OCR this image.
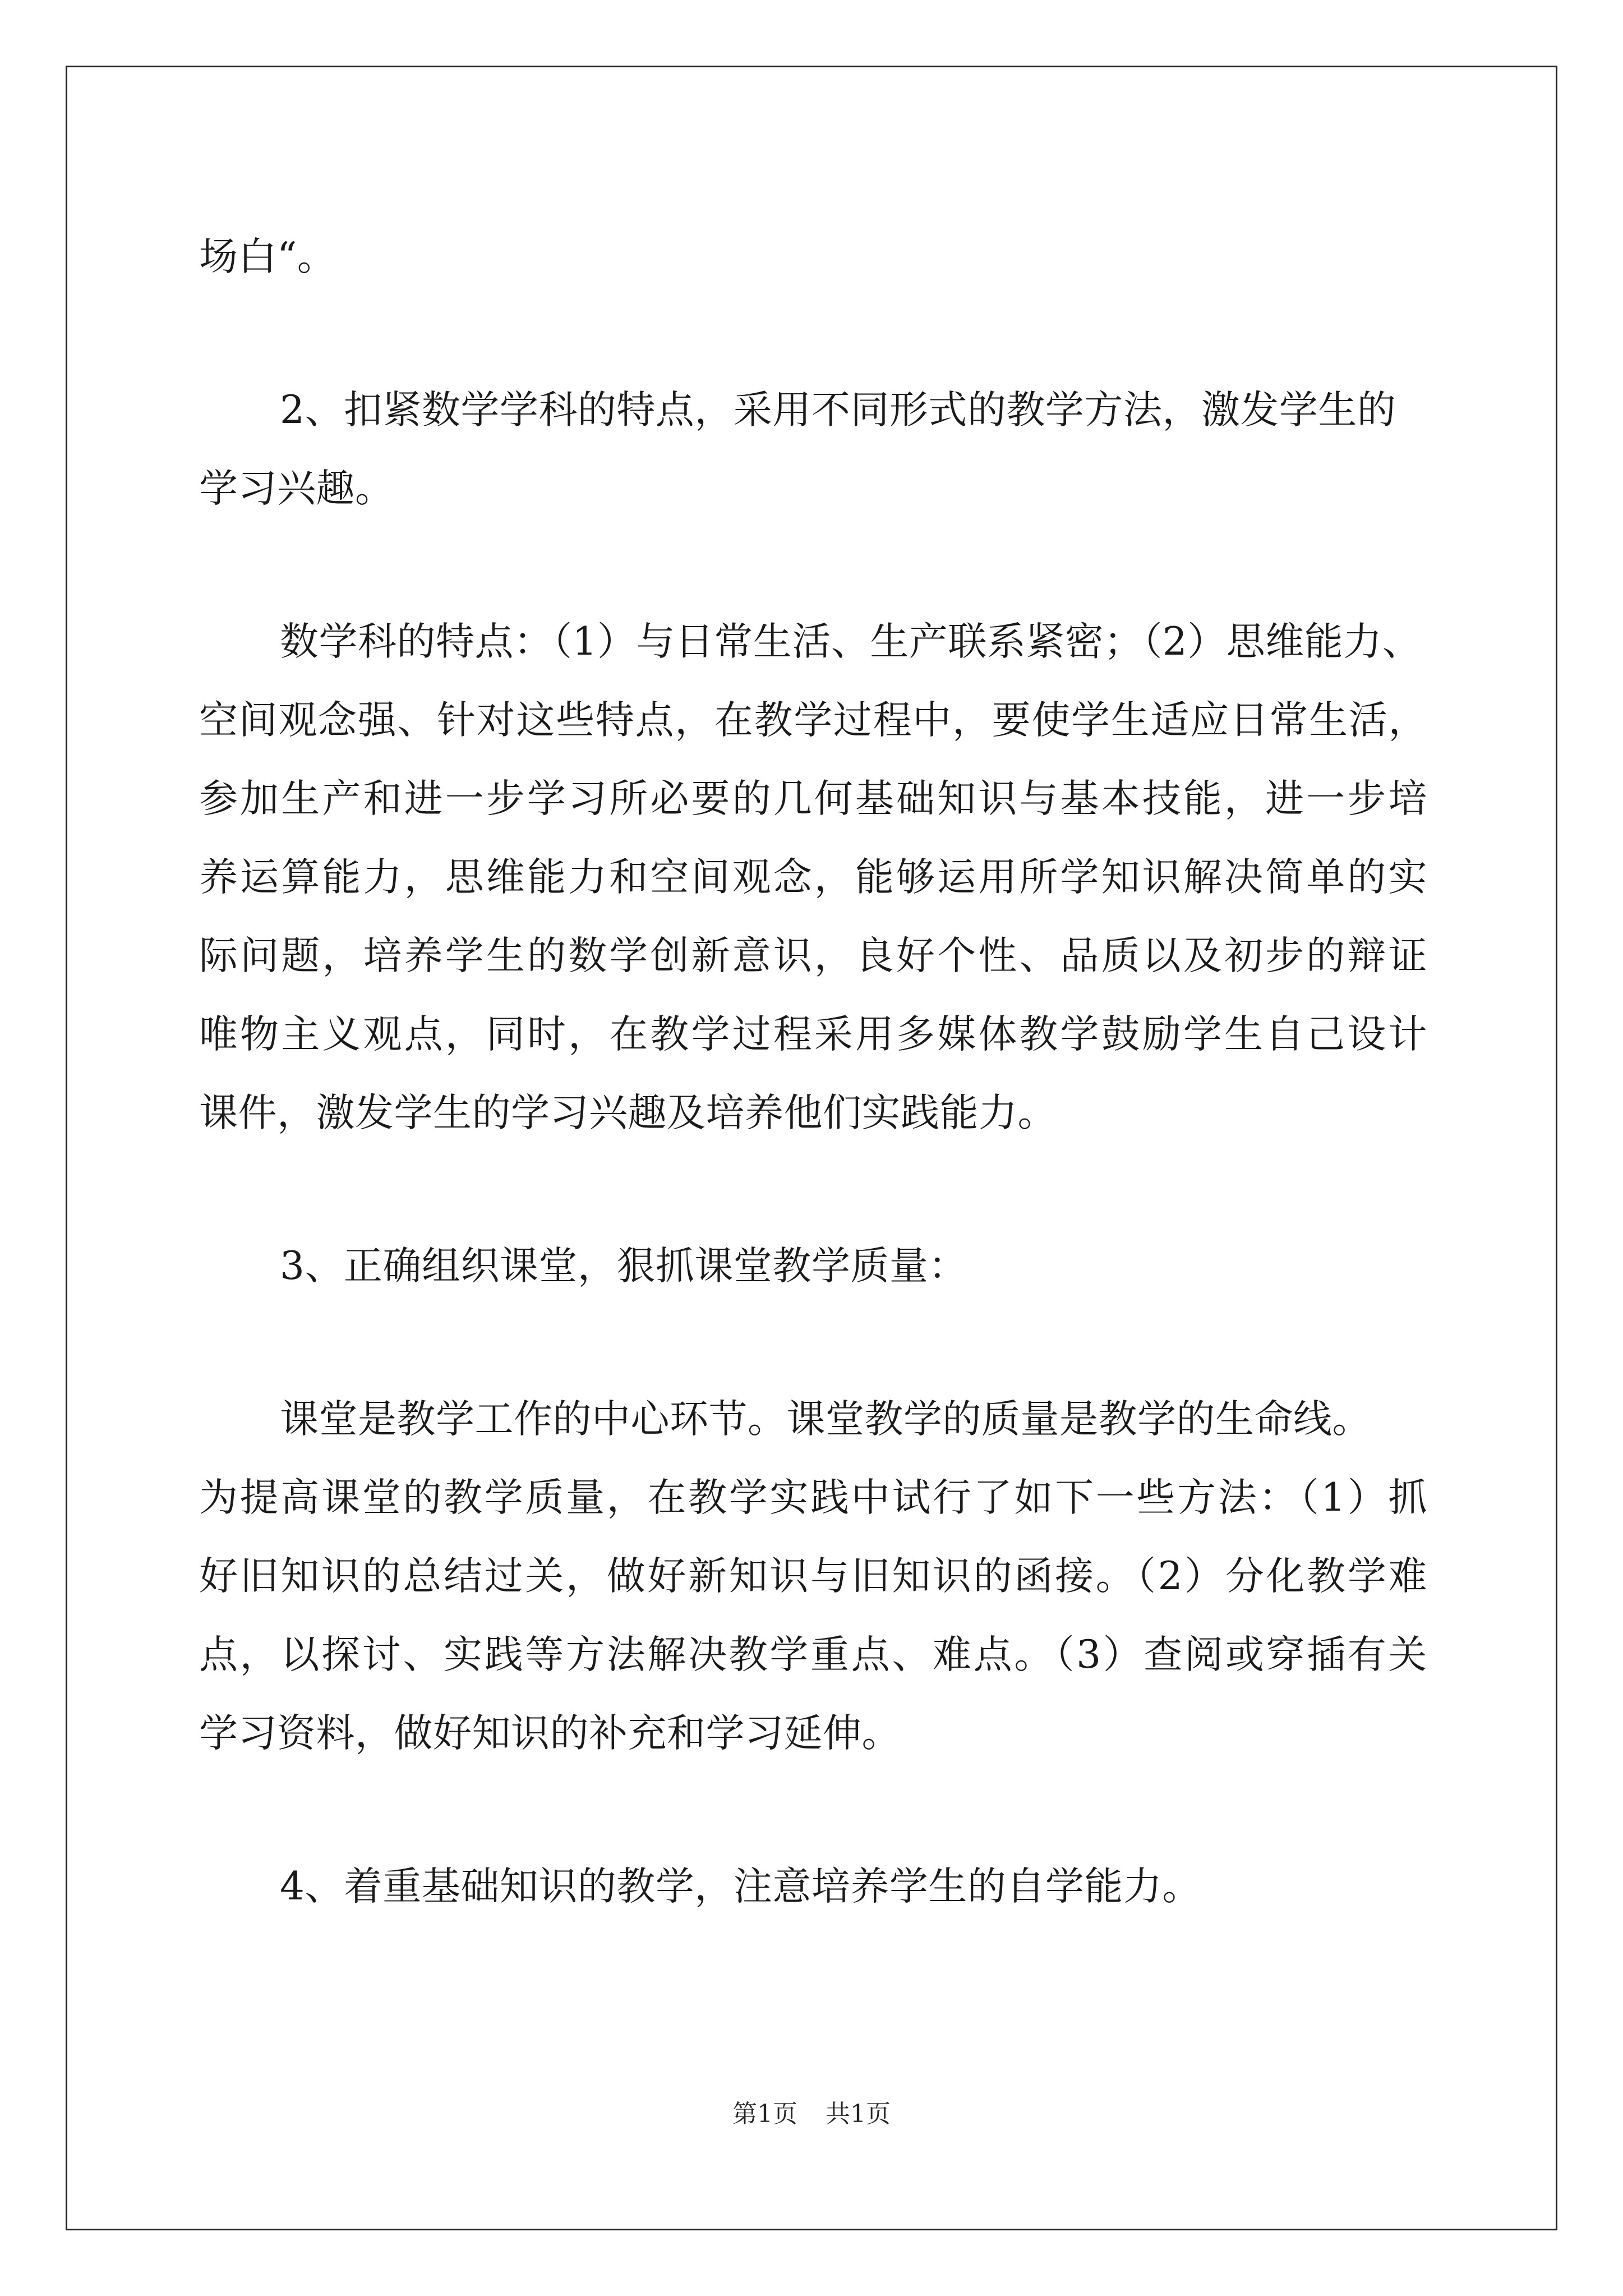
场白“。
2、扣紧数学学科的特点，采用不同形式的教学方法，激发学生的
学习兴趣。
数学科的特点：（1）与日常生活、生产联系紧密；（2）思维能力、
空间观念强、针对这些特点，在教学过程中，要使学生适应日常生活，
参加生产和进一步学习所必要的几何基础知识与基本技能，进一步培
养运算能力，思维能力和空间观念，能够运用所学知识解决简单的实
际问题，培养学生的数学创新意识，良好个性、品质以及初步的辩证
唯物主义观点，同时，在教学过程采用多媒体教学鼓励学生自己设计
课件，激发学生的学习兴趣及培养他们实践能力。
3、正确组织课堂，狠抓课堂教学质量：
课堂是教学工作的中心环节。课堂教学的质量是教学的生命线。
为提高课堂的教学质量，在教学实践中试行了如下一些方法：（1）抓
好旧知识的总结过关，做好新知识与旧知识的函接。（2）分化教学难
点，以探讨、实践等方法解决教学重点、难点。（3）查阅或穿插有关
学习资料，做好知识的补充和学习延伸。
4、着重基础知识的教学，注意培养学生的自学能力。
第1页 共1页
